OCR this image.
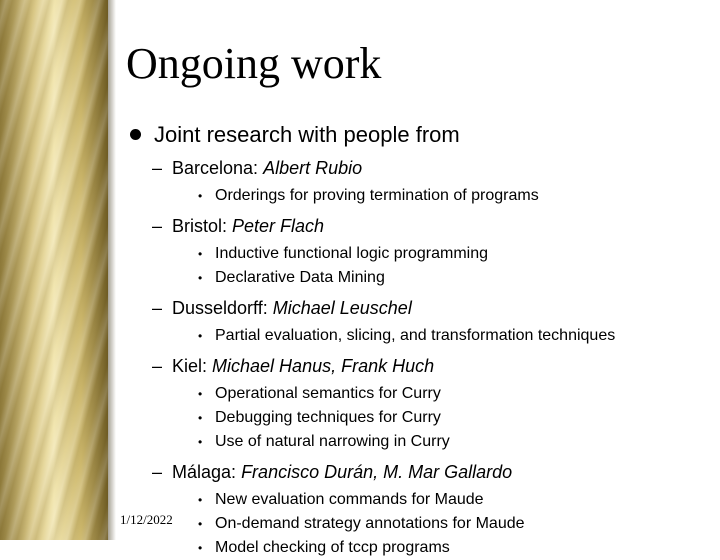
Ongoing work
Joint research with people from
– Barcelona: Albert Rubio
• Orderings for proving termination of programs
– Bristol: Peter Flach
• Inductive functional logic programming
• Declarative Data Mining
– Dusseldorff: Michael Leuschel
• Partial evaluation, slicing, and transformation techniques
– Kiel: Michael Hanus, Frank Huch
• Operational semantics for Curry
• Debugging techniques for Curry
• Use of natural narrowing in Curry
– Málaga: Francisco Durán, M. Mar Gallardo
• New evaluation commands for Maude
• On-demand strategy annotations for Maude
• Model checking of tccp programs
1/12/2022
